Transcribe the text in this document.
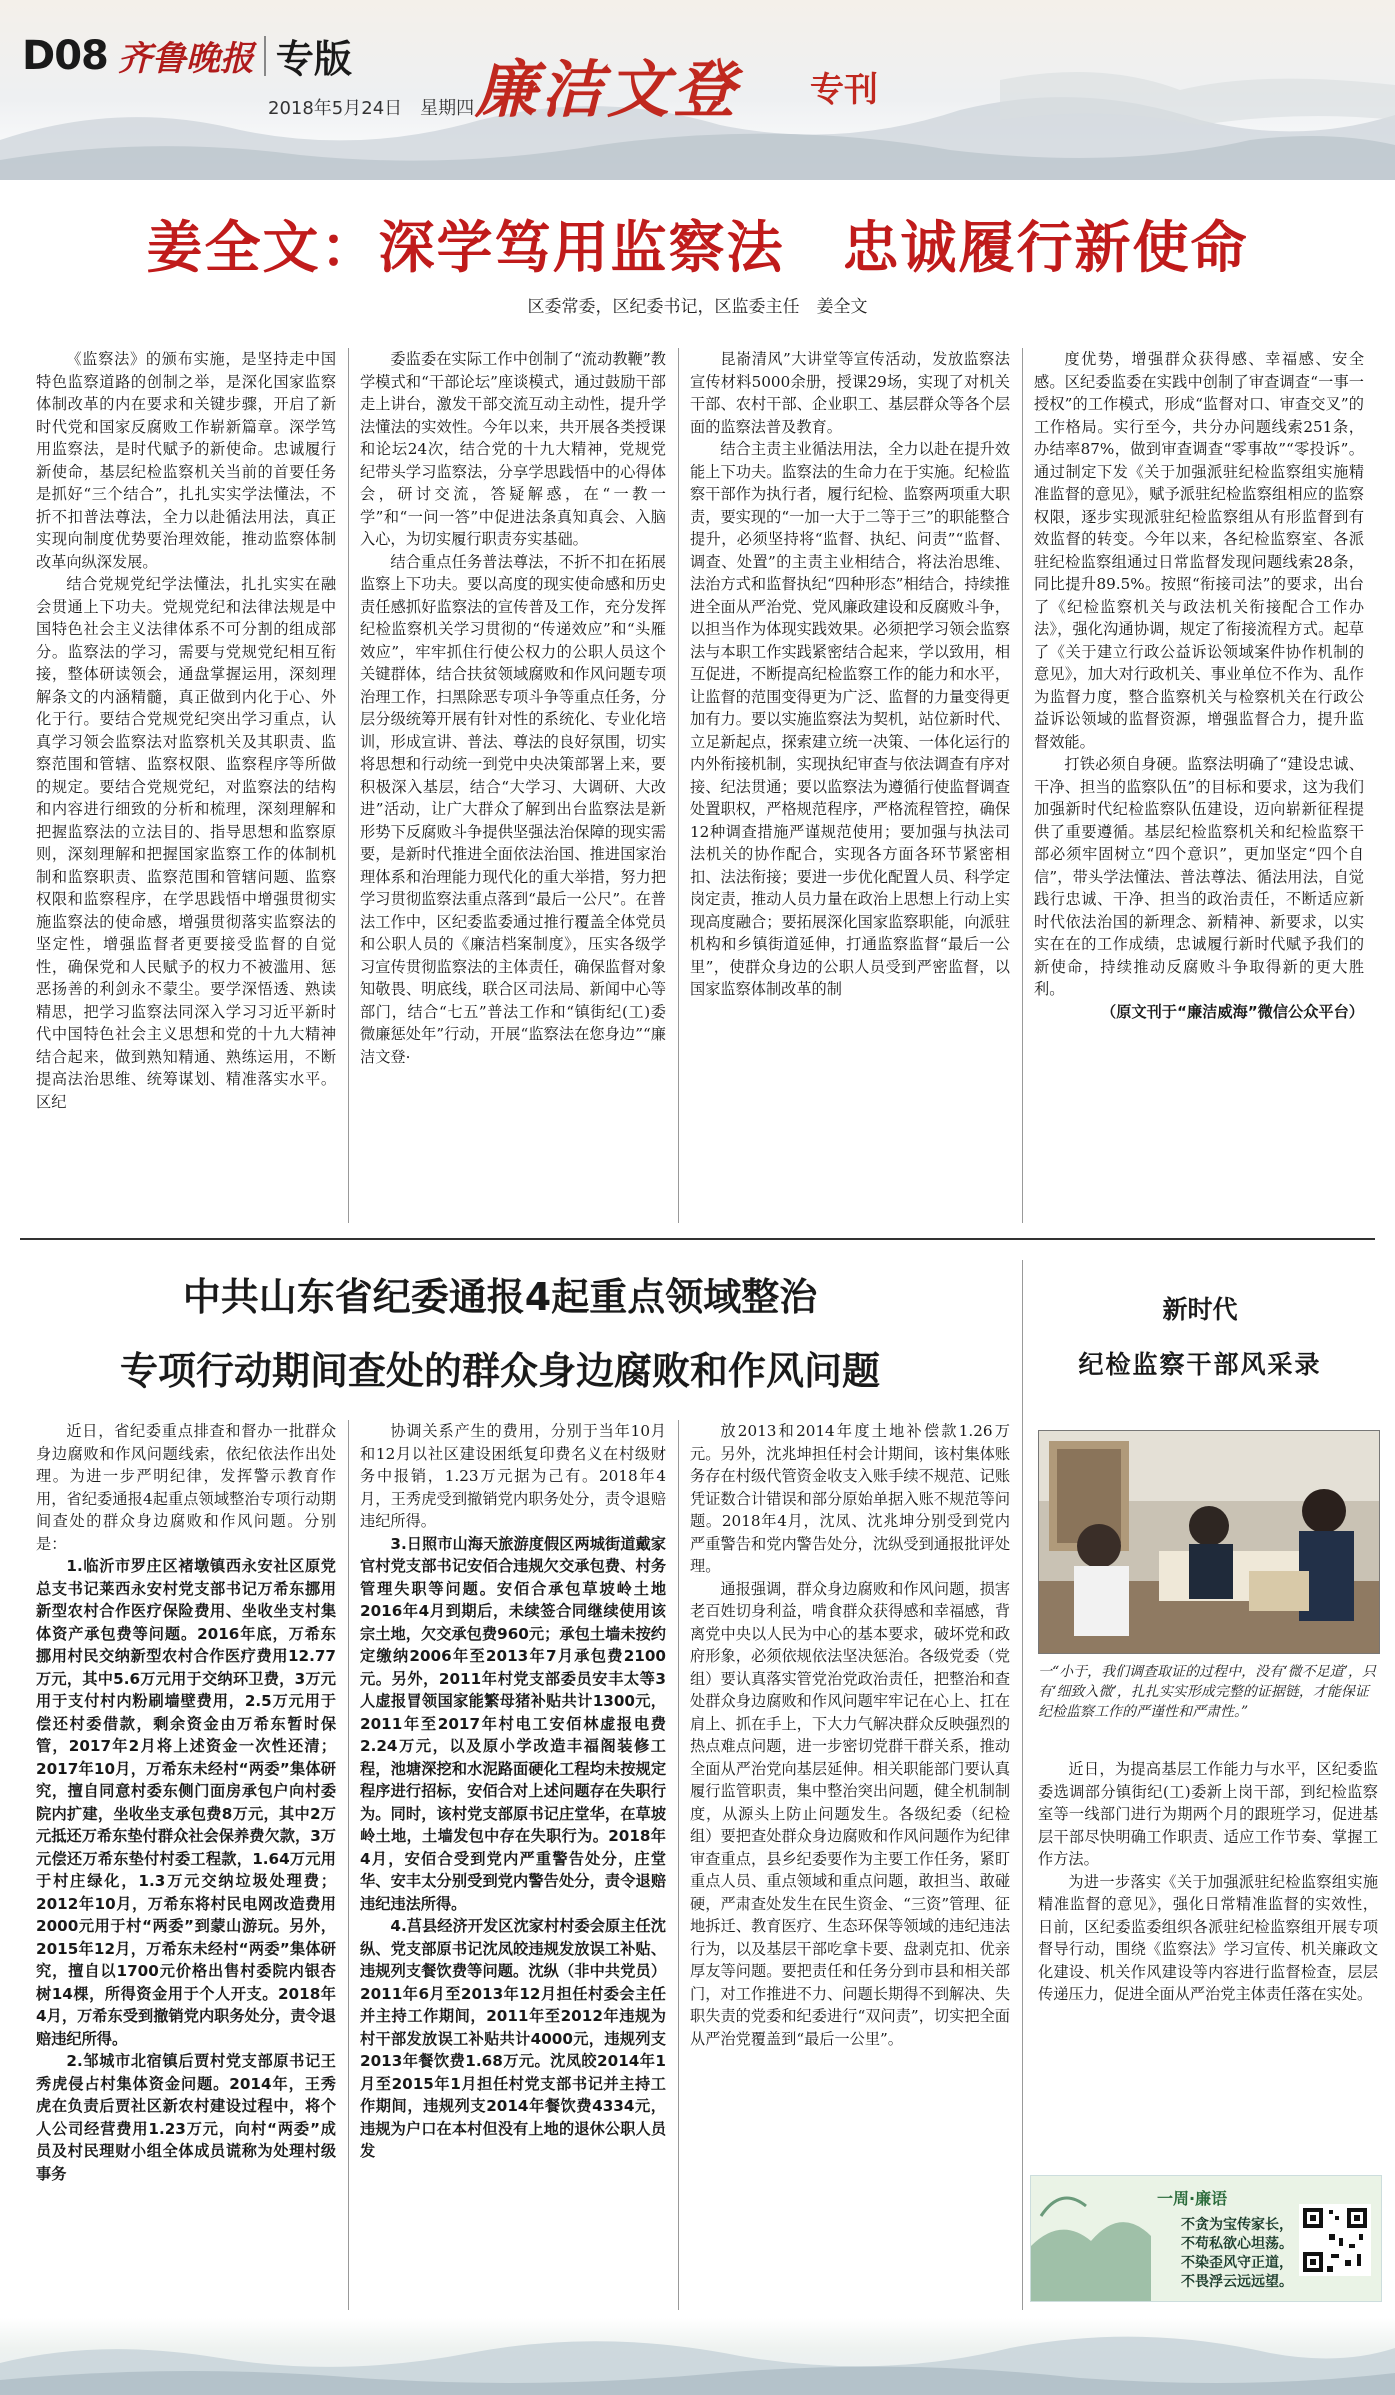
D08 齐鲁晚报 专版
2018年5月24日　星期四 廉洁文登 专刊
姜全文：深学笃用监察法　忠诚履行新使命
区委常委，区纪委书记，区监委主任　姜全文

《监察法》的颁布实施，是坚持走中国特色监察道路的创制之举，是深化国家监察体制改革的内在要求和关键步骤，开启了新时代党和国家反腐败工作崭新篇章。深学笃用监察法，是时代赋予的新使命。忠诚履行新使命，基层纪检监察机关当前的首要任务是抓好“三个结合”，扎扎实实学法懂法，不折不扣普法尊法，全力以赴循法用法，真正实现向制度优势要治理效能，推动监察体制改革向纵深发展。

结合党规党纪学法懂法，扎扎实实在融会贯通上下功夫。党规党纪和法律法规是中国特色社会主义法律体系不可分割的组成部分。监察法的学习，需要与党规党纪相互衔接，整体研读领会，通盘掌握运用，深刻理解条文的内涵精髓，真正做到内化于心、外化于行。要结合党规党纪突出学习重点，认真学习领会监察法对监察机关及其职责、监察范围和管辖、监察权限、监察程序等所做的规定。要结合党规党纪，对监察法的结构和内容进行细致的分析和梳理，深刻理解和把握监察法的立法目的、指导思想和监察原则，深刻理解和把握国家监察工作的体制机制和监察职责、监察范围和管辖问题、监察权限和监察程序，在学思践悟中增强贯彻实施监察法的使命感，增强贯彻落实监察法的坚定性，增强监督者更要接受监督的自觉性，确保党和人民赋予的权力不被滥用、惩恶扬善的利剑永不蒙尘。要学深悟透、熟读精思，把学习监察法同深入学习习近平新时代中国特色社会主义思想和党的十九大精神结合起来，做到熟知精通、熟练运用，不断提高法治思维、统筹谋划、精准落实水平。区纪

委监委在实际工作中创制了“流动教鞭”教学模式和“干部论坛”座谈模式，通过鼓励干部走上讲台，激发干部交流互动主动性，提升学法懂法的实效性。今年以来，共开展各类授课和论坛24次，结合党的十九大精神，党规党纪带头学习监察法，分享学思践悟中的心得体会，研讨交流，答疑解惑，在“一教一学”和“一问一答”中促进法条真知真会、入脑入心，为切实履行职责夯实基础。

结合重点任务普法尊法，不折不扣在拓展监察上下功夫。要以高度的现实使命感和历史责任感抓好监察法的宣传普及工作，充分发挥纪检监察机关学习贯彻的“传递效应”和“头雁效应”，牢牢抓住行使公权力的公职人员这个关键群体，结合扶贫领域腐败和作风问题专项治理工作，扫黑除恶专项斗争等重点任务，分层分级统筹开展有针对性的系统化、专业化培训，形成宣讲、普法、尊法的良好氛围，切实将思想和行动统一到党中央决策部署上来，要积极深入基层，结合“大学习、大调研、大改进”活动，让广大群众了解到出台监察法是新形势下反腐败斗争提供坚强法治保障的现实需要，是新时代推进全面依法治国、推进国家治理体系和治理能力现代化的重大举措，努力把学习贯彻监察法重点落到“最后一公尺”。在普法工作中，区纪委监委通过推行覆盖全体党员和公职人员的《廉洁档案制度》，压实各级学习宣传贯彻监察法的主体责任，确保监督对象知敬畏、明底线，联合区司法局、新闻中心等部门，结合“七五”普法工作和“镇街纪(工)委微廉惩处年”行动，开展“监察法在您身边”“廉洁文登·

昆嵛清风”大讲堂等宣传活动，发放监察法宣传材料5000余册，授课29场，实现了对机关干部、农村干部、企业职工、基层群众等各个层面的监察法普及教育。

结合主责主业循法用法，全力以赴在提升效能上下功夫。监察法的生命力在于实施。纪检监察干部作为执行者，履行纪检、监察两项重大职责，要实现的“一加一大于二等于三”的职能整合提升，必须坚持将“监督、执纪、问责”“监督、调查、处置”的主责主业相结合，将法治思维、法治方式和监督执纪“四种形态”相结合，持续推进全面从严治党、党风廉政建设和反腐败斗争，以担当作为体现实践效果。必须把学习领会监察法与本职工作实践紧密结合起来，学以致用，相互促进，不断提高纪检监察工作的能力和水平，让监督的范围变得更为广泛、监督的力量变得更加有力。要以实施监察法为契机，站位新时代、立足新起点，探索建立统一决策、一体化运行的内外衔接机制，实现执纪审查与依法调查有序对接、纪法贯通；要以监察法为遵循行使监督调查处置职权，严格规范程序，严格流程管控，确保12种调查措施严谨规范使用；要加强与执法司法机关的协作配合，实现各方面各环节紧密相扣、法法衔接；要进一步优化配置人员、科学定岗定责，推动人员力量在政治上思想上行动上实现高度融合；要拓展深化国家监察职能，向派驻机构和乡镇街道延伸，打通监察监督“最后一公里”，使群众身边的公职人员受到严密监督，以国家监察体制改革的制

度优势，增强群众获得感、幸福感、安全感。区纪委监委在实践中创制了审查调查“一事一授权”的工作模式，形成“监督对口、审查交叉”的工作格局。实行至今，共分办问题线索251条，办结率87%，做到审查调查“零事故”“零投诉”。通过制定下发《关于加强派驻纪检监察组实施精准监督的意见》，赋予派驻纪检监察组相应的监察权限，逐步实现派驻纪检监察组从有形监督到有效监督的转变。今年以来，各纪检监察室、各派驻纪检监察组通过日常监督发现问题线索28条，同比提升89.5%。按照“衔接司法”的要求，出台了《纪检监察机关与政法机关衔接配合工作办法》，强化沟通协调，规定了衔接流程方式。起草了《关于建立行政公益诉讼领域案件协作机制的意见》，加大对行政机关、事业单位不作为、乱作为监督力度，整合监察机关与检察机关在行政公益诉讼领域的监督资源，增强监督合力，提升监督效能。

打铁必须自身硬。监察法明确了“建设忠诚、干净、担当的监察队伍”的目标和要求，这为我们加强新时代纪检监察队伍建设，迈向崭新征程提供了重要遵循。基层纪检监察机关和纪检监察干部必须牢固树立“四个意识”，更加坚定“四个自信”，带头学法懂法、普法尊法、循法用法，自觉践行忠诚、干净、担当的政治责任，不断适应新时代依法治国的新理念、新精神、新要求，以实实在在的工作成绩，忠诚履行新时代赋予我们的新使命，持续推动反腐败斗争取得新的更大胜利。

（原文刊于“廉洁威海”微信公众平台）

中共山东省纪委通报4起重点领域整治
专项行动期间查处的群众身边腐败和作风问题

近日，省纪委重点排查和督办一批群众身边腐败和作风问题线索，依纪依法作出处理。为进一步严明纪律，发挥警示教育作用，省纪委通报4起重点领域整治专项行动期间查处的群众身边腐败和作风问题。分别是：

1.临沂市罗庄区褚墩镇西永安社区原党总支书记莱西永安村党支部书记万希东挪用新型农村合作医疗保险费用、坐收坐支村集体资产承包费等问题。2016年底，万希东挪用村民交纳新型农村合作医疗费用12.77万元，其中5.6万元用于交纳环卫费，3万元用于支付村内粉刷墙壁费用，2.5万元用于偿还村委借款，剩余资金由万希东暂时保管，2017年2月将上述资金一次性还清；2017年10月，万希东未经村“两委”集体研究，擅自同意村委东侧门面房承包户向村委院内扩建，坐收坐支承包费8万元，其中2万元抵还万希东垫付群众社会保养费欠款，3万元偿还万希东垫付村委工程款，1.64万元用于村庄绿化，1.3万元交纳垃圾处理费；2012年10月，万希东将村民电网改造费用2000元用于村“两委”到蒙山游玩。另外，2015年12月，万希东未经村“两委”集体研究，擅自以1700元价格出售村委院内银杏树14棵，所得资金用于个人开支。2018年4月，万希东受到撤销党内职务处分，责令退赔违纪所得。

2.邹城市北宿镇后贾村党支部原书记王秀虎侵占村集体资金问题。2014年，王秀虎在负责后贾社区新农村建设过程中，将个人公司经营费用1.23万元，向村“两委”成员及村民理财小组全体成员谎称为处理村级事务

协调关系产生的费用，分别于当年10月和12月以社区建设困纸复印费名义在村级财务中报销，1.23万元据为己有。2018年4月，王秀虎受到撤销党内职务处分，责令退赔违纪所得。

3.日照市山海天旅游度假区两城街道戴家官村党支部书记安佰合违规欠交承包费、村务管理失职等问题。安佰合承包草坡岭土地2016年4月到期后，未续签合同继续使用该宗土地，欠交承包费960元；承包土墙未按约定缴纳2006年至2013年7月承包费2100元。另外，2011年村党支部委员安丰太等3人虚报冒领国家能繁母猪补贴共计1300元，2011年至2017年村电工安佰林虚报电费2.24万元，以及原小学改造丰福阁装修工程，池塘深挖和水泥路面硬化工程均未按规定程序进行招标，安佰合对上述问题存在失职行为。同时，该村党支部原书记庄堂华，在草坡岭土地，土墙发包中存在失职行为。2018年4月，安佰合受到党内严重警告处分，庄堂华、安丰太分别受到党内警告处分，责令退赔违纪违法所得。

4.莒县经济开发区沈家村村委会原主任沈纵、党支部原书记沈凤皎违规发放误工补贴、违规列支餐饮费等问题。沈纵（非中共党员）2011年6月至2013年12月担任村委会主任并主持工作期间，2011年至2012年违规为村干部发放误工补贴共计4000元，违规列支2013年餐饮费1.68万元。沈凤皎2014年1月至2015年1月担任村党支部书记并主持工作期间，违规列支2014年餐饮费4334元，违规为户口在本村但没有上地的退休公职人员发

放2013和2014年度土地补偿款1.26万元。另外，沈兆坤担任村会计期间，该村集体账务存在村级代管资金收支入账手续不规范、记账凭证数合计错误和部分原始单据入账不规范等问题。2018年4月，沈凤、沈兆坤分别受到党内严重警告和党内警告处分，沈纵受到通报批评处理。

通报强调，群众身边腐败和作风问题，损害老百姓切身利益，啃食群众获得感和幸福感，背离党中央以人民为中心的基本要求，破坏党和政府形象，必须依规依法坚决惩治。各级党委（党组）要认真落实管党治党政治责任，把整治和查处群众身边腐败和作风问题牢牢记在心上、扛在肩上、抓在手上，下大力气解决群众反映强烈的热点难点问题，进一步密切党群干群关系，推动全面从严治党向基层延伸。相关职能部门要认真履行监管职责，集中整治突出问题，健全机制制度，从源头上防止问题发生。各级纪委（纪检组）要把查处群众身边腐败和作风问题作为纪律审查重点，县乡纪委要作为主要工作任务，紧盯重点人员、重点领域和重点问题，敢担当、敢碰硬，严肃查处发生在民生资金、“三资”管理、征地拆迁、教育医疗、生态环保等领域的违纪违法行为，以及基层干部吃拿卡要、盘剥克扣、优亲厚友等问题。要把责任和任务分到市县和相关部门，对工作推进不力、问题长期得不到解决、失职失责的党委和纪委进行“双问责”，切实把全面从严治党覆盖到“最后一公里”。

新时代
纪检监察干部风采录
一“小于，我们调查取证的过程中，没有‘微不足道’，只有‘细致入微’，扎扎实实形成完整的证据链，才能保证纪检监察工作的严谨性和严肃性。”

近日，为提高基层工作能力与水平，区纪委监委选调部分镇街纪(工)委新上岗干部，到纪检监察室等一线部门进行为期两个月的跟班学习，促进基层干部尽快明确工作职责、适应工作节奏、掌握工作方法。

为进一步落实《关于加强派驻纪检监察组实施精准监督的意见》，强化日常精准监督的实效性，日前，区纪委监委组织各派驻纪检监察组开展专项督导行动，围绕《监察法》学习宣传、机关廉政文化建设、机关作风建设等内容进行监督检查，层层传递压力，促进全面从严治党主体责任落在实处。

一周·廉语
不贪为宝传家长，
不苟私欲心坦荡。
不染歪风守正道，
不畏浮云远远望。
